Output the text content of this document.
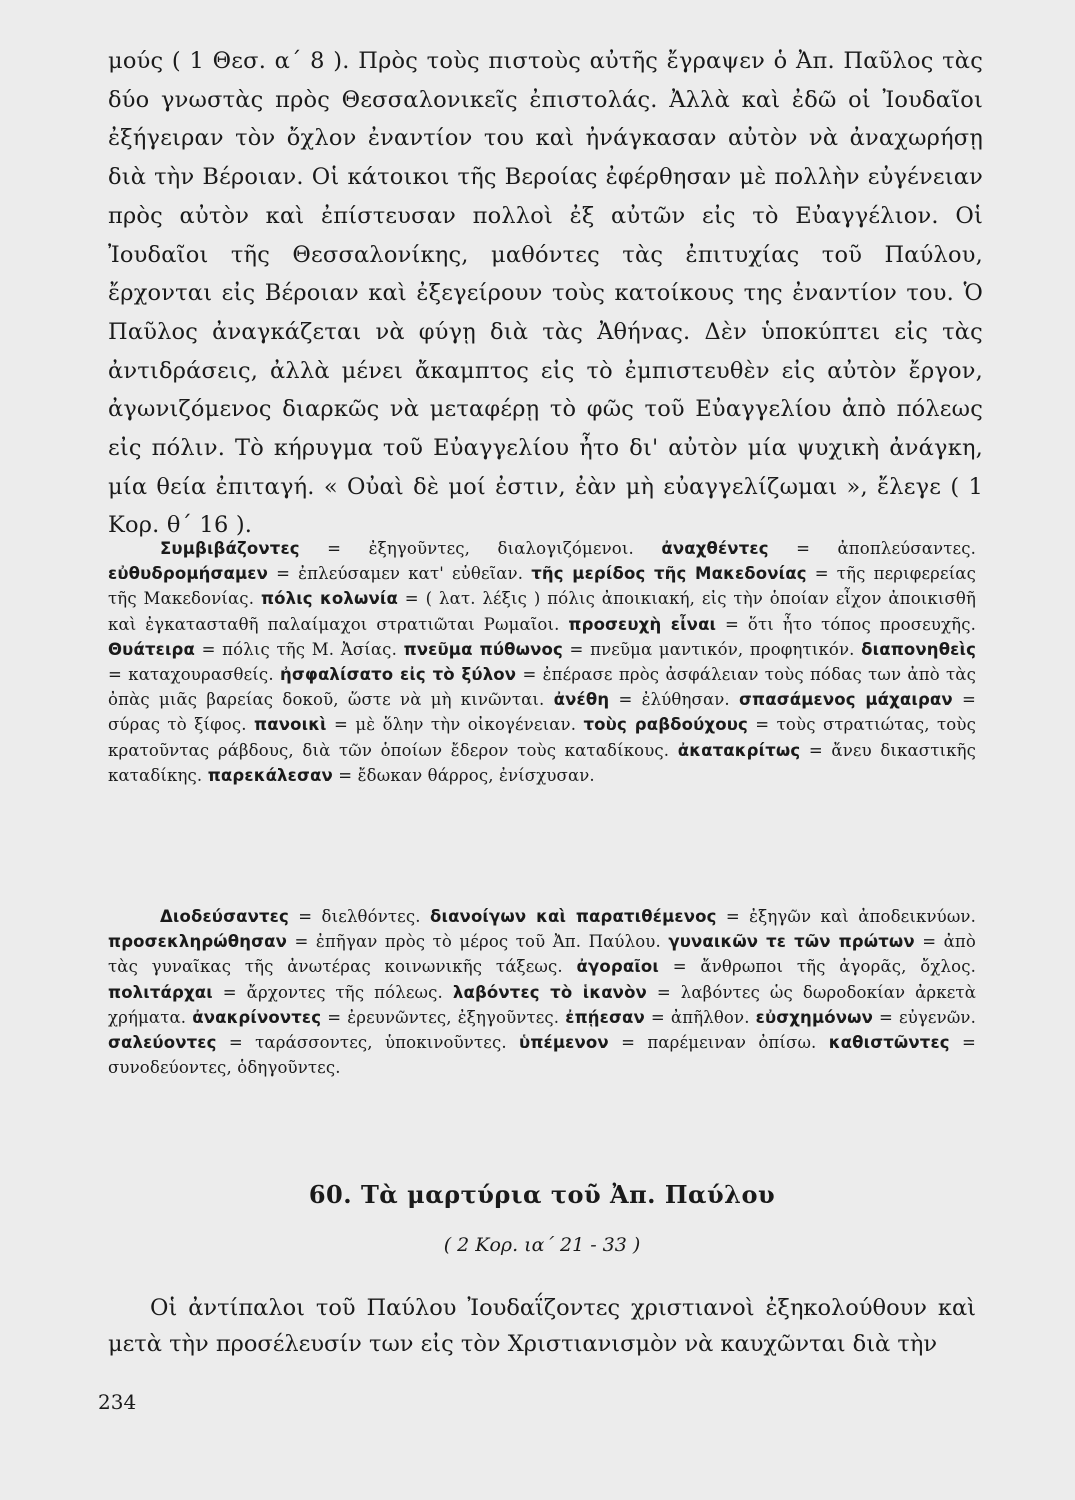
μούς ( 1 Θεσ. α΄ 8 ). Πρὸς τοὺς πιστοὺς αὐτῆς ἔγραψεν ὁ Ἀπ. Παῦλος τὰς δύο γνωστὰς πρὸς Θεσσαλονικεῖς ἐπιστολάς. Ἀλλὰ καὶ ἐδῶ οἱ Ἰουδαῖοι ἐξήγειραν τὸν ὄχλον ἐναντίον του καὶ ἠνάγκασαν αὐτὸν νὰ ἀναχωρήσῃ διὰ τὴν Βέροιαν. Οἱ κάτοικοι τῆς Βεροίας ἐφέρθησαν μὲ πολλὴν εὐγένειαν πρὸς αὐτὸν καὶ ἐπίστευσαν πολλοὶ ἐξ αὐτῶν εἰς τὸ Εὐαγγέλιον. Οἱ Ἰουδαῖοι τῆς Θεσσαλονίκης, μαθόντες τὰς ἐπιτυχίας τοῦ Παύλου, ἔρχονται εἰς Βέροιαν καὶ ἐξεγείρουν τοὺς κατοίκους της ἐναντίον του. Ὁ Παῦλος ἀναγκάζεται νὰ φύγῃ διὰ τὰς Ἀθήνας. Δὲν ὑποκύπτει εἰς τὰς ἀντιδράσεις, ἀλλὰ μένει ἄκαμπτος εἰς τὸ ἐμπιστευθὲν εἰς αὐτὸν ἔργον, ἀγωνιζόμενος διαρκῶς νὰ μεταφέρῃ τὸ φῶς τοῦ Εὐαγγελίου ἀπὸ πόλεως εἰς πόλιν. Τὸ κήρυγμα τοῦ Εὐαγγελίου ἦτο δι' αὐτὸν μία ψυχικὴ ἀνάγκη, μία θεία ἐπιταγή. « Οὐαὶ δὲ μοί ἐστιν, ἐὰν μὴ εὐαγγελίζωμαι », ἔλεγε ( 1 Κορ. θ΄ 16 ).

Συμβιβάζοντες = ἐξηγοῦντες, διαλογιζόμενοι. ἀναχθέντες = ἀποπλεύσαντες. εὐθυδρομήσαμεν = ἐπλεύσαμεν κατ' εὐθεῖαν. τῆς μερίδος τῆς Μακεδονίας = τῆς περιφερείας τῆς Μακεδονίας. πόλις κολωνία = ( λατ. λέξις ) πόλις ἀποικιακή, εἰς τὴν ὁποίαν εἶχον ἀποικισθῆ καὶ ἐγκατασταθῆ παλαίμαχοι στρατιῶται Ρωμαῖοι. προσευχὴ εἶναι = ὅτι ἦτο τόπος προσευχῆς. Θυάτειρα = πόλις τῆς Μ. Ἀσίας. πνεῦμα πύθωνος = πνεῦμα μαντικόν, προφητικόν. διαπονηθεὶς = καταχουρασθείς. ἠσφαλίσατο εἰς τὸ ξύλον = ἐπέρασε πρὸς ἀσφάλειαν τοὺς πόδας των ἀπὸ τὰς ὀπὰς μιᾶς βαρείας δοκοῦ, ὥστε νὰ μὴ κινῶνται. ἀνέθη = ἐλύθησαν. σπασάμενος μάχαιραν = σύρας τὸ ξίφος. πανοικὶ = μὲ ὅλην τὴν οἰκογένειαν. τοὺς ραβδούχους = τοὺς στρατιώτας, τοὺς κρατοῦντας ράβδους, διὰ τῶν ὁποίων ἔδερον τοὺς καταδίκους. ἀκατακρίτως = ἄνευ δικαστικῆς καταδίκης. παρεκάλεσαν = ἔδωκαν θάρρος, ἐνίσχυσαν.

Διοδεύσαντες = διελθόντες. διανοίγων καὶ παρατιθέμενος = ἐξηγῶν καὶ ἀποδεικνύων. προσεκληρώθησαν = ἐπῆγαν πρὸς τὸ μέρος τοῦ Ἀπ. Παύλου. γυναικῶν τε τῶν πρώτων = ἀπὸ τὰς γυναῖκας τῆς ἀνωτέρας κοινωνικῆς τάξεως. ἀγοραῖοι = ἄνθρωποι τῆς ἀγορᾶς, ὄχλος. πολιτάρχαι = ἄρχοντες τῆς πόλεως. λαβόντες τὸ ἱκανὸν = λαβόντες ὡς δωροδοκίαν ἀρκετὰ χρήματα. ἀνακρίνοντες = ἐρευνῶντες, ἐξηγοῦντες. ἐπῄεσαν = ἀπῆλθον. εὐσχημόνων = εὐγενῶν. σαλεύοντες = ταράσσοντες, ὑποκινοῦντες. ὑπέμενον = παρέμειναν ὀπίσω. καθιστῶντες = συνοδεύοντες, ὁδηγοῦντες.

60. Τὰ μαρτύρια τοῦ Ἀπ. Παύλου

( 2 Κορ. ια΄ 21 - 33 )

Οἱ ἀντίπαλοι τοῦ Παύλου Ἰουδαΐζοντες χριστιανοὶ ἐξηκολούθουν καὶ μετὰ τὴν προσέλευσίν των εἰς τὸν Χριστιανισμὸν νὰ καυχῶνται διὰ τὴν

234
